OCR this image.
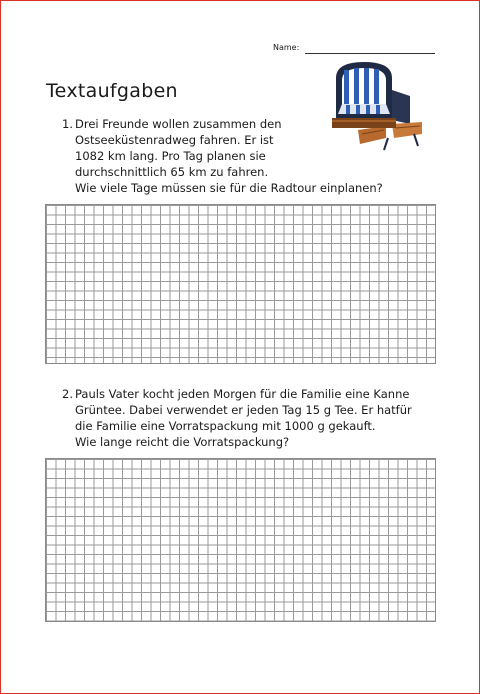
Name:
Textaufgaben
1. Drei Freunde wollen zusammen den
Ostseeküstenradweg fahren. Er ist
1082 km lang. Pro Tag planen sie
durchschnittlich 65 km zu fahren.
Wie viele Tage müssen sie für die Radtour einplanen?
2. Pauls Vater kocht jeden Morgen für die Familie eine Kanne
Grüntee. Dabei verwendet er jeden Tag 15 g Tee. Er hatfür
die Familie eine Vorratspackung mit 1000 g gekauft.
Wie lange reicht die Vorratspackung?
